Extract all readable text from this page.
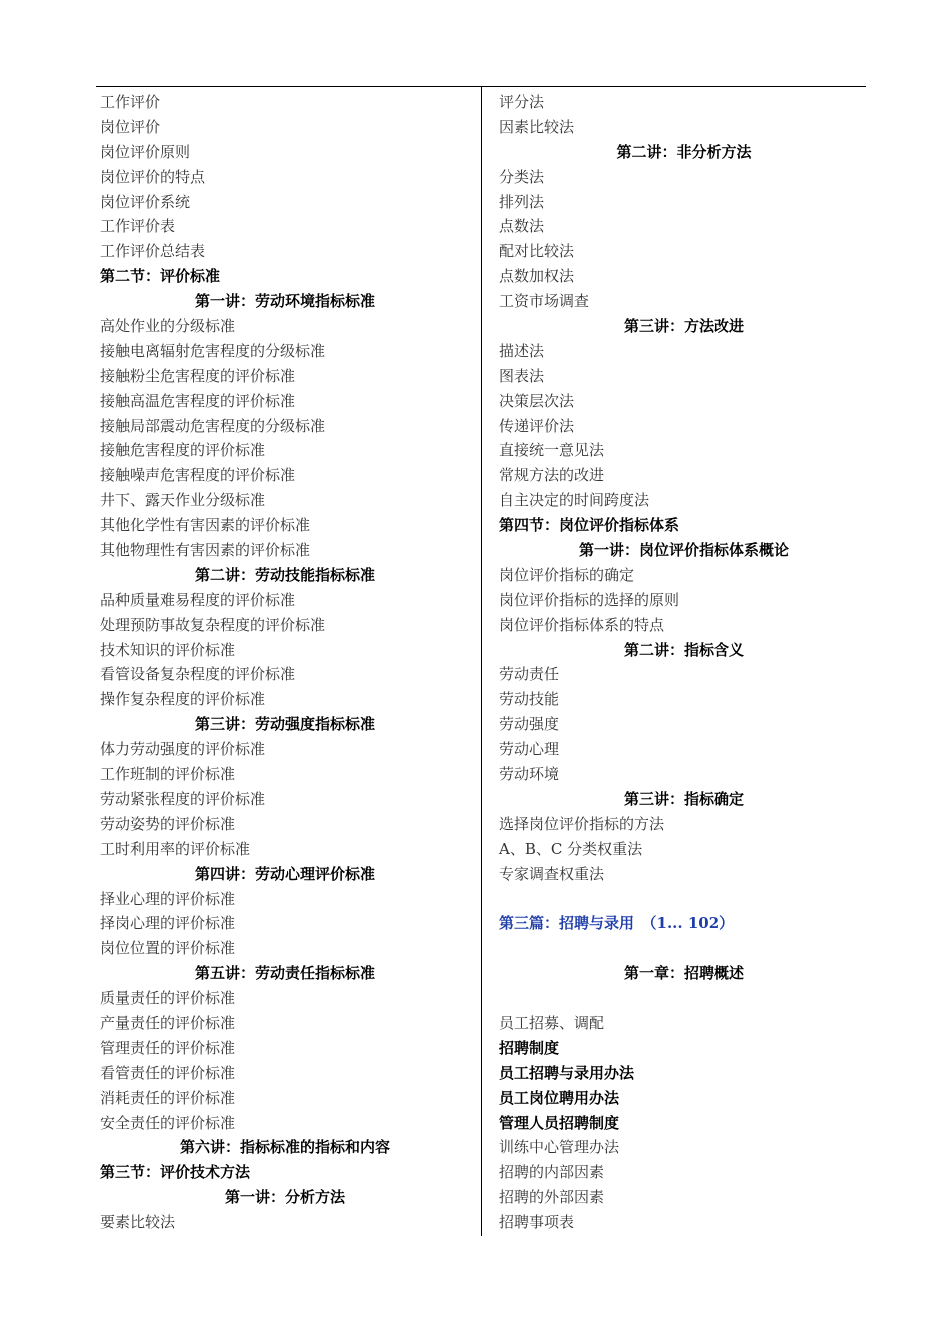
工作评价
岗位评价
岗位评价原则
岗位评价的特点
岗位评价系统
工作评价表
工作评价总结表
第二节：评价标准
第一讲：劳动环境指标标准
高处作业的分级标准
接触电离辐射危害程度的分级标准
接触粉尘危害程度的评价标准
接触高温危害程度的评价标准
接触局部震动危害程度的分级标准
接触危害程度的评价标准
接触噪声危害程度的评价标准
井下、露天作业分级标准
其他化学性有害因素的评价标准
其他物理性有害因素的评价标准
第二讲：劳动技能指标标准
品种质量难易程度的评价标准
处理预防事故复杂程度的评价标准
技术知识的评价标准
看管设备复杂程度的评价标准
操作复杂程度的评价标准
第三讲：劳动强度指标标准
体力劳动强度的评价标准
工作班制的评价标准
劳动紧张程度的评价标准
劳动姿势的评价标准
工时利用率的评价标准
第四讲：劳动心理评价标准
择业心理的评价标准
择岗心理的评价标准
岗位位置的评价标准
第五讲：劳动责任指标标准
质量责任的评价标准
产量责任的评价标准
管理责任的评价标准
看管责任的评价标准
消耗责任的评价标准
安全责任的评价标准
第六讲：指标标准的指标和内容
第三节：评价技术方法
第一讲：分析方法
要素比较法
评分法
因素比较法
第二讲：非分析方法
分类法
排列法
点数法
配对比较法
点数加权法
工资市场调查
第三讲：方法改进
描述法
图表法
决策层次法
传递评价法
直接统一意见法
常规方法的改进
自主决定的时间跨度法
第四节：岗位评价指标体系
第一讲：岗位评价指标体系概论
岗位评价指标的确定
岗位评价指标的选择的原则
岗位评价指标体系的特点
第二讲：指标含义
劳动责任
劳动技能
劳动强度
劳动心理
劳动环境
第三讲：指标确定
选择岗位评价指标的方法
A、B、C 分类权重法
专家调查权重法
第三篇：招聘与录用　（1... 102）
第一章：招聘概述
员工招募、调配
招聘制度
员工招聘与录用办法
员工岗位聘用办法
管理人员招聘制度
训练中心管理办法
招聘的内部因素
招聘的外部因素
招聘事项表
